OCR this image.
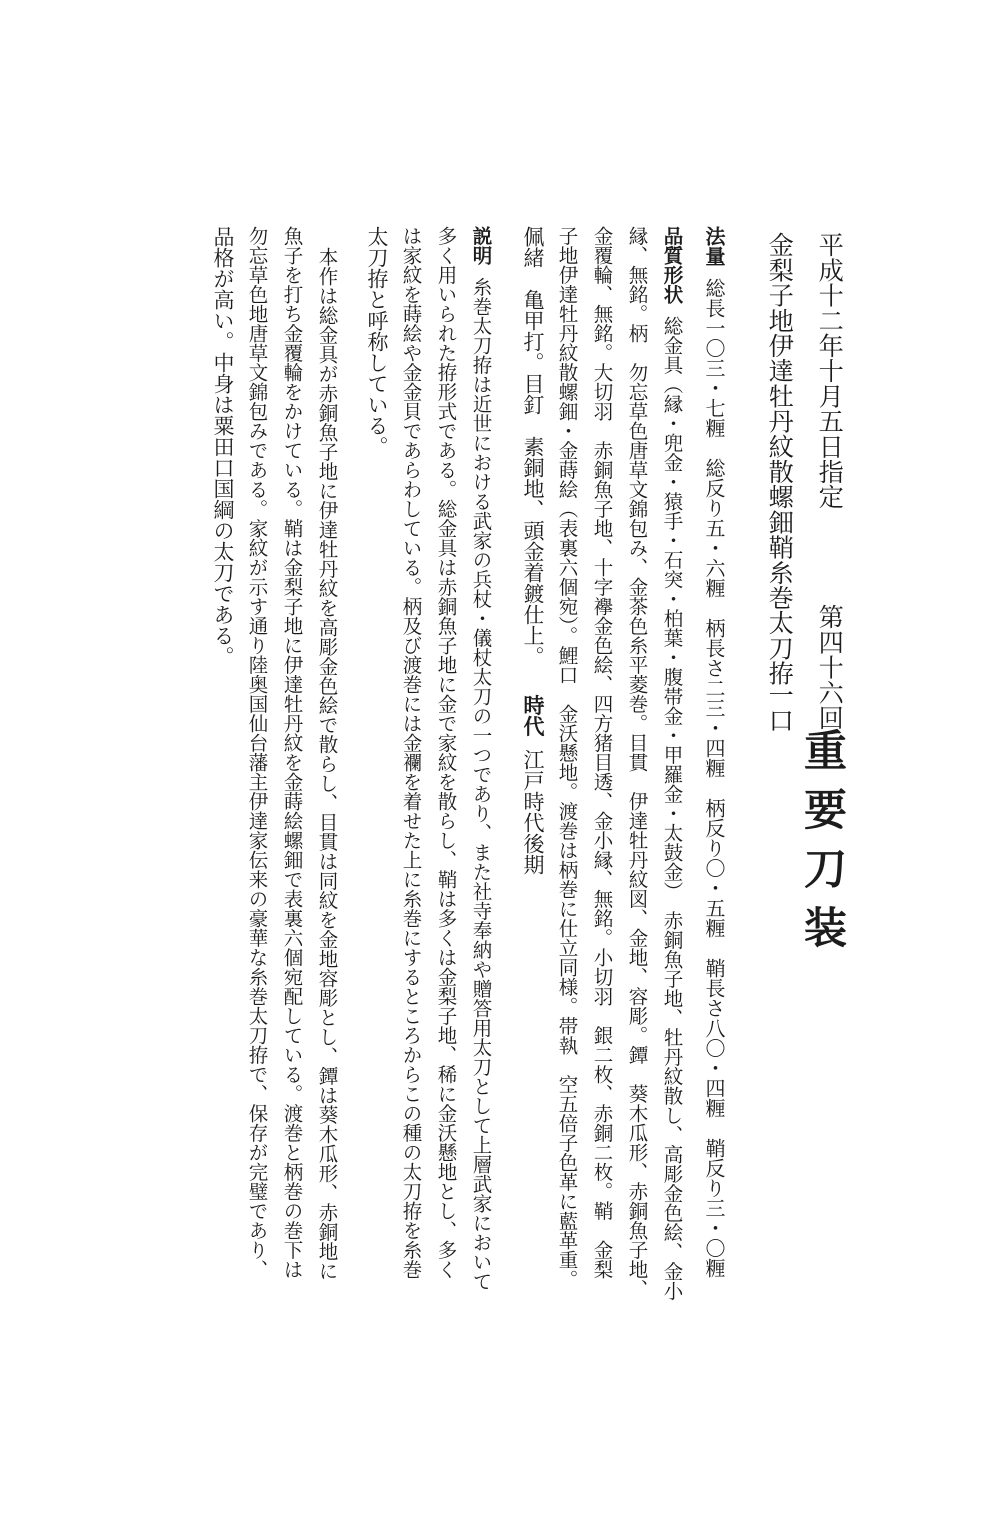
平成十二年十月五日指定
第四十六回
重要刀装
金梨子地伊達牡丹紋散螺鈿鞘糸巻太刀拵
一口
法量総長一〇三・七糎　総反り五・六糎　柄長さ二三・四糎　柄反り〇・五糎　鞘長さ八〇・四糎　鞘反り三・〇糎
品質形状総金具（縁・兜金・猿手・石突・柏葉・腹帯金・甲羅金・太鼓金）　赤銅魚子地、牡丹紋散し、高彫金色絵、金小
縁、無銘。柄　勿忘草色唐草文錦包み、金茶色糸平菱巻。目貫　伊達牡丹紋図、金地、容彫。鐔　葵木瓜形、赤銅魚子地、
金覆輪、無銘。大切羽　赤銅魚子地、十字襷金色絵、四方猪目透、金小縁、無銘。小切羽　銀二枚、赤銅二枚。鞘　金梨
子地伊達牡丹紋散螺鈿・金蒔絵（表裏六個宛）。鯉口　金沃懸地。渡巻は柄巻に仕立同様。帯執　空五倍子色革に藍革重。
佩緒　亀甲打。目釘　素銅地、頭金着鍍仕上。時代江戸時代後期
説明糸巻太刀拵は近世における武家の兵杖・儀杖太刀の一つであり、また社寺奉納や贈答用太刀として上層武家において
多く用いられた拵形式である。総金具は赤銅魚子地に金で家紋を散らし、鞘は多くは金梨子地、稀に金沃懸地とし、多く
は家紋を蒔絵や金金貝であらわしている。柄及び渡巻には金襴を着せた上に糸巻にするところからこの種の太刀拵を糸巻
太刀拵と呼称している。
本作は総金具が赤銅魚子地に伊達牡丹紋を高彫金色絵で散らし、目貫は同紋を金地容彫とし、鐔は葵木瓜形、赤銅地に
魚子を打ち金覆輪をかけている。鞘は金梨子地に伊達牡丹紋を金蒔絵螺鈿で表裏六個宛配している。渡巻と柄巻の巻下は
勿忘草色地唐草文錦包みである。家紋が示す通り陸奥国仙台藩主伊達家伝来の豪華な糸巻太刀拵で、保存が完璧であり、
品格が高い。中身は粟田口国綱の太刀である。
